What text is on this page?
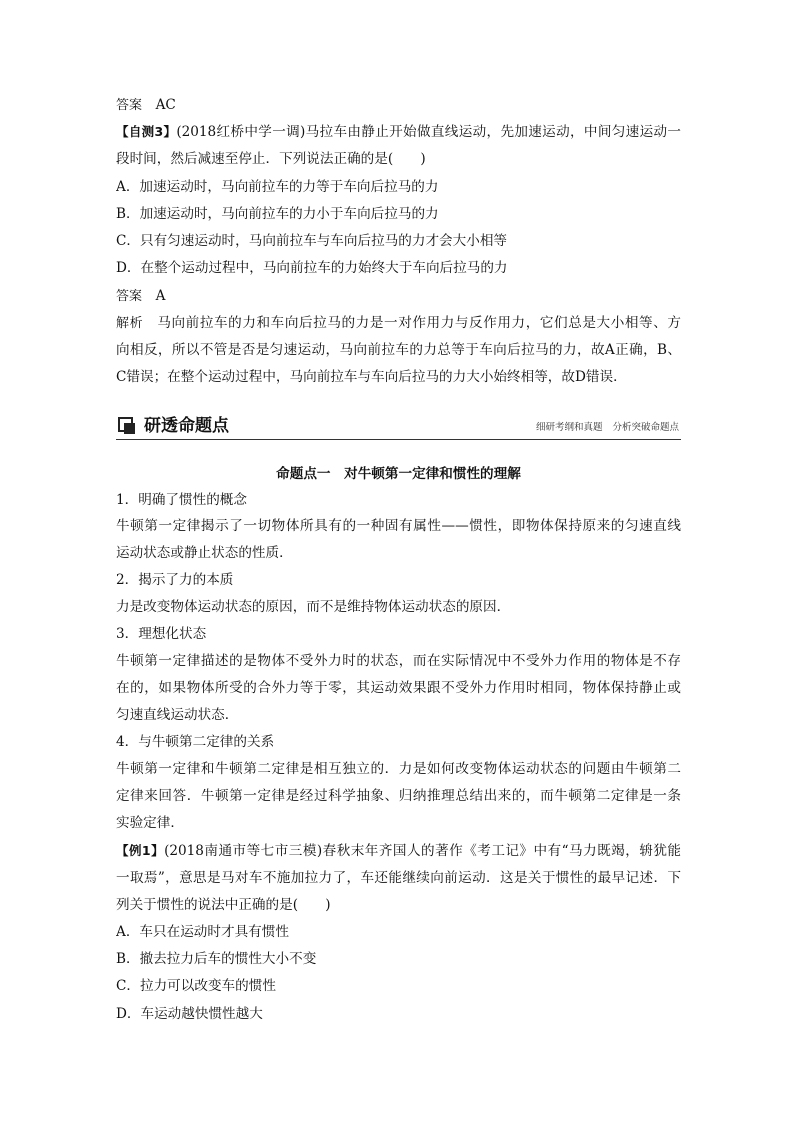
答案  AC
【自测3】(2018红桥中学一调)马拉车由静止开始做直线运动，先加速运动，中间匀速运动一
段时间，然后减速至停止．下列说法正确的是(　　)
A．加速运动时，马向前拉车的力等于车向后拉马的力
B．加速运动时，马向前拉车的力小于车向后拉马的力
C．只有匀速运动时，马向前拉车与车向后拉马的力才会大小相等
D．在整个运动过程中，马向前拉车的力始终大于车向后拉马的力
答案  A
解析  马向前拉车的力和车向后拉马的力是一对作用力与反作用力，它们总是大小相等、方
向相反，所以不管是否是匀速运动，马向前拉车的力总等于车向后拉马的力，故A正确，B、
C错误；在整个运动过程中，马向前拉车与车向后拉马的力大小始终相等，故D错误．
研透命题点	细研考纲和真题 分析突破命题点
命题点一　对牛顿第一定律和惯性的理解
1．明确了惯性的概念
牛顿第一定律揭示了一切物体所具有的一种固有属性——惯性，即物体保持原来的匀速直线
运动状态或静止状态的性质．
2．揭示了力的本质
力是改变物体运动状态的原因，而不是维持物体运动状态的原因．
3．理想化状态
牛顿第一定律描述的是物体不受外力时的状态，而在实际情况中不受外力作用的物体是不存
在的，如果物体所受的合外力等于零，其运动效果跟不受外力作用时相同，物体保持静止或
匀速直线运动状态．
4．与牛顿第二定律的关系
牛顿第一定律和牛顿第二定律是相互独立的．力是如何改变物体运动状态的问题由牛顿第二
定律来回答．牛顿第一定律是经过科学抽象、归纳推理总结出来的，而牛顿第二定律是一条
实验定律．
【例1】(2018南通市等七市三模)春秋末年齐国人的著作《考工记》中有“马力既竭，辀犹能
一取焉”，意思是马对车不施加拉力了，车还能继续向前运动．这是关于惯性的最早记述．下
列关于惯性的说法中正确的是(　　)
A．车只在运动时才具有惯性
B．撤去拉力后车的惯性大小不变
C．拉力可以改变车的惯性
D．车运动越快惯性越大
